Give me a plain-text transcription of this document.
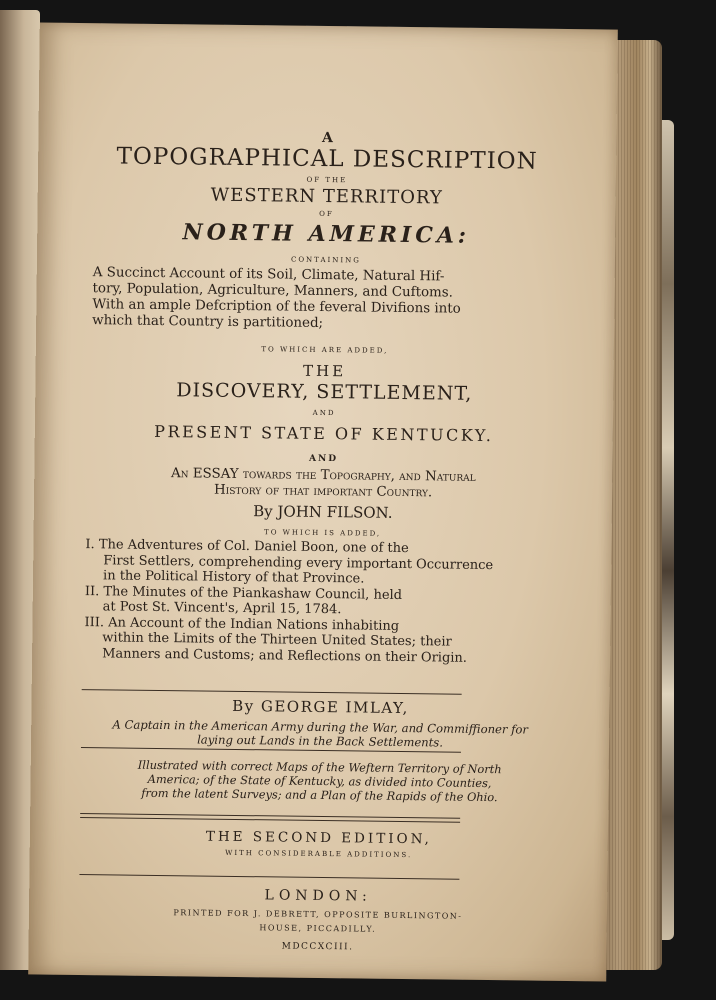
A
TOPOGRAPHICAL DESCRIPTION
OF THE
WESTERN TERRITORY
OF
NORTH AMERICA:
CONTAINING
A Succinct Account of its Soil, Climate, Natural Hif-
tory, Population, Agriculture, Manners, and Cuftoms.
With an ample Defcription of the feveral Divifions into
which that Country is partitioned;
TO WHICH ARE ADDED,
THE
DISCOVERY, SETTLEMENT,
AND
PRESENT STATE OF KENTUCKY.
AND
An ESSAY towards the Topography, and Natural
History of that important Country.
By JOHN FILSON.
TO WHICH IS ADDED,
I. The Adventures of Col. Daniel Boon, one of the
First Settlers, comprehending every important Occurrence
in the Political History of that Province.
II. The Minutes of the Piankashaw Council, held
at Post St. Vincent's, April 15, 1784.
III. An Account of the Indian Nations inhabiting
within the Limits of the Thirteen United States; their
Manners and Customs; and Reflections on their Origin.
By GEORGE IMLAY,
A Captain in the American Army during the War, and Commiffioner for
laying out Lands in the Back Settlements.
Illustrated with correct Maps of the Weftern Territory of North
America; of the State of Kentucky, as divided into Counties,
from the latent Surveys; and a Plan of the Rapids of the Ohio.
THE SECOND EDITION,
WITH CONSIDERABLE ADDITIONS.
LONDON:
PRINTED FOR J. DEBRETT, OPPOSITE BURLINGTON-
HOUSE, PICCADILLY.
MDCCXCIII.
